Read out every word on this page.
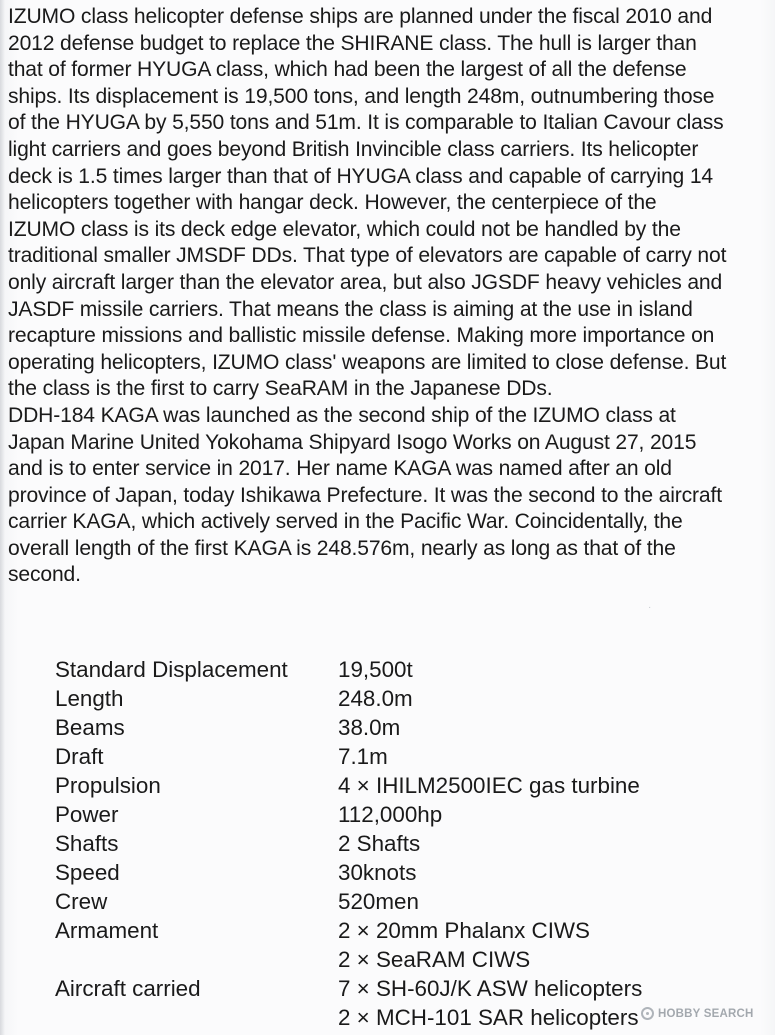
IZUMO class helicopter defense ships are planned under the fiscal 2010 and
2012 defense budget to replace the SHIRANE class. The hull is larger than
that of former HYUGA class, which had been the largest of all the defense
ships. Its displacement is 19,500 tons, and length 248m, outnumbering those
of the HYUGA by 5,550 tons and 51m. It is comparable to Italian Cavour class
light carriers and goes beyond British Invincible class carriers. Its helicopter
deck is 1.5 times larger than that of HYUGA class and capable of carrying 14
helicopters together with hangar deck. However, the centerpiece of the
IZUMO class is its deck edge elevator, which could not be handled by the
traditional smaller JMSDF DDs. That type of elevators are capable of carry not
only aircraft larger than the elevator area, but also JGSDF heavy vehicles and
JASDF missile carriers. That means the class is aiming at the use in island
recapture missions and ballistic missile defense. Making more importance on
operating helicopters, IZUMO class' weapons are limited to close defense. But
the class is the first to carry SeaRAM in the Japanese DDs.
DDH-184 KAGA was launched as the second ship of the IZUMO class at
Japan Marine United Yokohama Shipyard Isogo Works on August 27, 2015
and is to enter service in 2017. Her name KAGA was named after an old
province of Japan, today Ishikawa Prefecture. It was the second to the aircraft
carrier KAGA, which actively served in the Pacific War. Coincidentally, the
overall length of the first KAGA is 248.576m, nearly as long as that of the
second.
Standard Displacement	19,500t
Length	248.0m
Beams	38.0m
Draft	7.1m
Propulsion	4 × IHILM2500IEC gas turbine
Power	112,000hp
Shafts	2 Shafts
Speed	30knots
Crew	520men
Armament	2 × 20mm Phalanx CIWS
2 × SeaRAM CIWS
Aircraft carried	7 × SH-60J/K ASW helicopters
2 × MCH-101 SAR helicopters
·
HOBBY SEARCH
